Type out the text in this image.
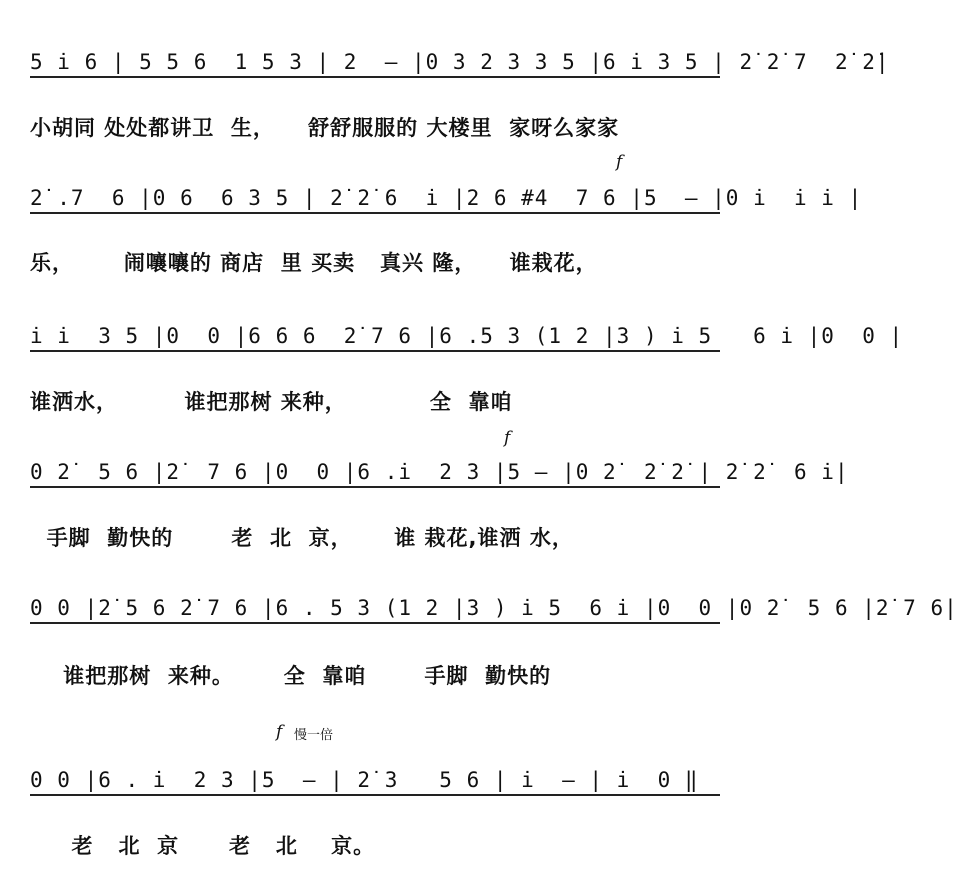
5 i̇ 6 | 5 5 6  1 5 3 | 2  — |0 3 2 3 3 5 |6 i̇ 3 5 | 2̇ 2̇ 7  2̇ 2̇|
小胡同 处处都讲卫  生，    舒舒服服的 大楼里  家呀么家家
f
2̇ .7  6 |0 6  6 3 5 | 2̇ 2̇ 6  i̇ |2 6 #4  7 6 |5  — |0 i̇  i̇ i̇ |
乐，      闹嚷嚷的 商店  里 买卖   真兴 隆，    谁栽花，
i̇ i̇  3 5 |0  0 |6 6 6  2̇ 7 6 |6 .5 3 (1 2 |3 ) i̇ 5   6 i̇ |0  0 |
谁洒水，        谁把那树 来种，          全  靠咱
f
0 2̇  5 6 |2̇  7 6 |0  0 |6 .i̇  2 3 |5 — |0 2̇  2̇ 2̇ | 2̇ 2̇  6 i̇|
手脚  勤快的       老  北  京，     谁 栽花,谁洒 水，
0 0 |2̇ 5 6 2̇ 7 6 |6 . 5 3 (1 2 |3 ) i̇ 5  6 i̇ |0  0 |0 2̇  5 6 |2̇ 7 6|
谁把那树  来种。      全  靠咱       手脚  勤快的
f 慢一倍
0 0 |6 . i̇  2 3 |5  — | 2̇ 3   5 6 | i̇  — | i̇  0 ‖
老   北  京      老   北    京。
